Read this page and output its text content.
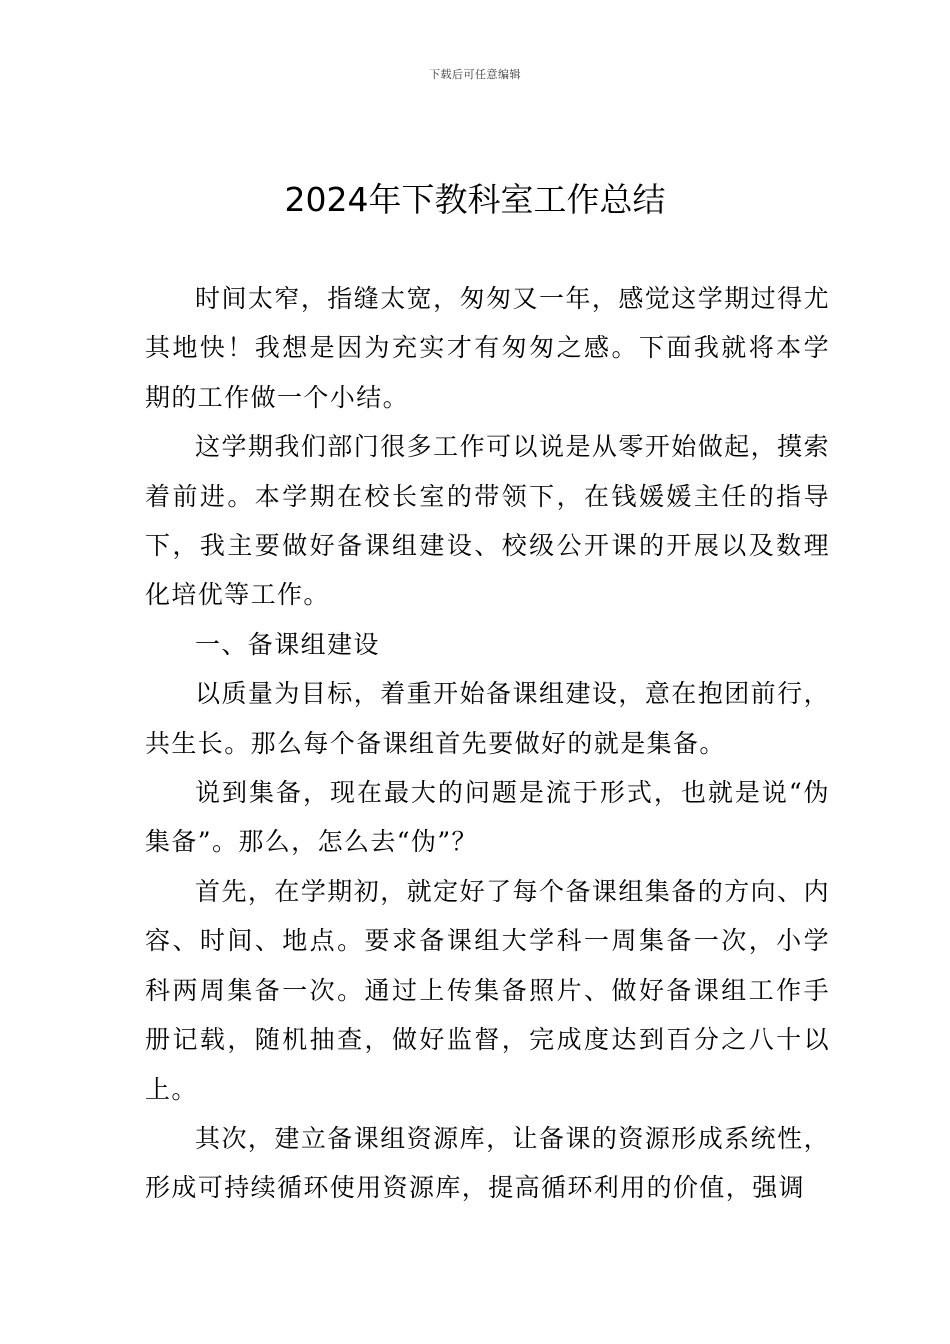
下载后可任意编辑
2024年下教科室工作总结

时间太窄，指缝太宽，匆匆又一年，感觉这学期过得尤其地快！我想是因为充实才有匆匆之感。下面我就将本学期的工作做一个小结。

这学期我们部门很多工作可以说是从零开始做起，摸索着前进。本学期在校长室的带领下，在钱媛媛主任的指导下，我主要做好备课组建设、校级公开课的开展以及数理化培优等工作。

一、备课组建设

以质量为目标，着重开始备课组建设，意在抱团前行，共生长。那么每个备课组首先要做好的就是集备。

说到集备，现在最大的问题是流于形式，也就是说“伪集备”。那么，怎么去“伪”？

首先，在学期初，就定好了每个备课组集备的方向、内容、时间、地点。要求备课组大学科一周集备一次，小学科两周集备一次。通过上传集备照片、做好备课组工作手册记载，随机抽查，做好监督，完成度达到百分之八十以上。

其次，建立备课组资源库，让备课的资源形成系统性，形成可持续循环使用资源库，提高循环利用的价值，强调
